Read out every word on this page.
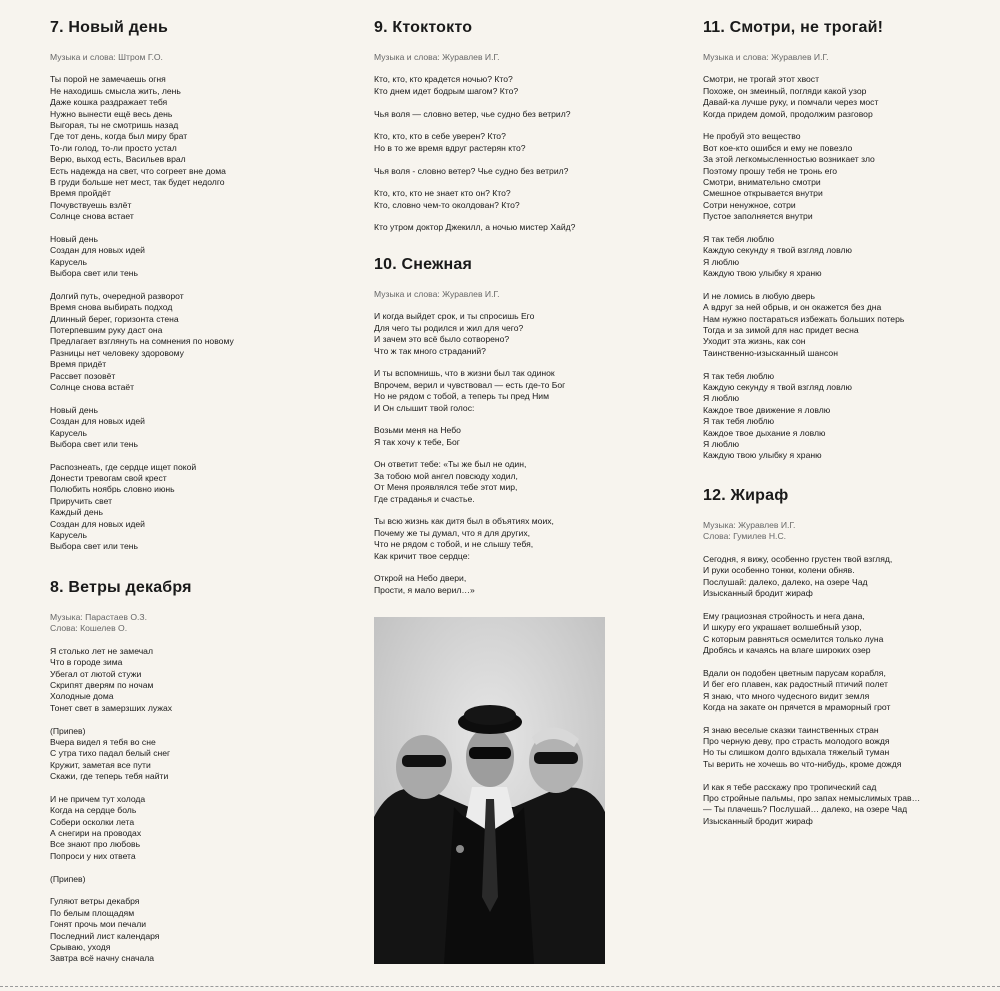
7. Новый день

Музыка и слова: Штром Г.О.

Ты порой не замечаешь огня
Не находишь смысла жить, лень
Даже кошка раздражает тебя
Нужно вынести ещё весь день
Выгорая, ты не смотришь назад
Где тот день, когда был миру брат
То-ли голод, то-ли просто устал
Верю, выход есть, Васильев врал
Есть надежда на свет, что согреет вне дома
В груди больше нет мест, так будет недолго
Время пройдёт
Почувствуешь взлёт
Солнце снова встает
Новый день
Создан для новых идей
Карусель
Выбора свет или тень
Долгий путь, очередной разворот
Время снова выбирать подход
Длинный берег, горизонта стена
Потерпевшим руку даст она
Предлагает взглянуть на сомнения по новому
Разницы нет человеку здоровому
Время придёт
Рассвет позовёт
Солнце снова встаёт
Новый день
Создан для новых идей
Карусель
Выбора свет или тень
Распознеать, где сердце ищет покой
Донести тревогам свой крест
Полюбить ноябрь словно июнь
Приручить свет
Каждый день
Создан для новых идей
Карусель
Выбора свет или тень
8. Ветры декабря

Музыка: Парастаев О.З.

Слова: Кошелев О.

Я столько лет не замечал
Что в городе зима
Убегал от лютой стужи
Скрипят дверям по ночам
Холодные дома
Тонет свет в замерзших лужах
(Припев)
Вчера видел я тебя во сне
С утра тихо падал белый снег
Кружит, заметая все пути
Скажи, где теперь тебя найти
И не причем тут холода
Когда на сердце боль
Собери осколки лета
А снегири на проводах
Все знают про любовь
Попроси у них ответа
(Припев)
Гуляют ветры декабря
По белым площадям
Гонят прочь мои печали
Последний лист календаря
Срываю, уходя
Завтра всё начну сначала
9. Ктоктокто

Музыка и слова: Журавлев И.Г.

Кто, кто, кто крадется ночью? Кто?
Кто днем идет бодрым шагом? Кто?
Чья воля — словно ветер, чье судно без ветрил?
Кто, кто, кто в себе уверен? Кто?
Но в то же время вдруг растерян кто?
Чья воля - словно ветер? Чье судно без ветрил?
Кто, кто, кто не знает кто он? Кто?
Кто, словно чем-то околдован? Кто?
Кто утром доктор Джекилл, а ночью мистер Хайд?
10. Снежная

Музыка и слова: Журавлев И.Г.

И когда выйдет срок, и ты спросишь Его
Для чего ты родился и жил для чего?
И зачем это всё было сотворено?
Что ж так много страданий?
И ты вспомнишь, что в жизни был так одинок
Впрочем, верил и чувствовал — есть где-то Бог
Но не рядом с тобой, а теперь ты пред Ним
И Он слышит твой голос:
Возьми меня на Небо
Я так хочу к тебе, Бог
Он ответит тебе: «Ты же был не один,
За тобою мой ангел повсюду ходил,
От Меня проявлялся тебе этот мир,
Где страданья и счастье.
Ты всю жизнь как дитя был в объятиях моих,
Почему же ты думал, что я для других,
Что не рядом с тобой, и не слышу тебя,
Как кричит твое сердце:
Открой на Небо двери,
Прости, я мало верил…»
11. Смотри, не трогай!

Музыка и слова: Журавлев И.Г.

Смотри, не трогай этот хвост
Похоже, он змеиный, погляди какой узор
Давай-ка лучше руку, и помчали через мост
Когда придем домой, продолжим разговор
Не пробуй это вещество
Вот кое-кто ошибся и ему не повезло
За этой легкомысленностью возникает зло
Поэтому прошу тебя не тронь его
Смотри, внимательно смотри
Смешное открывается внутри
Сотри ненужное, сотри
Пустое заполняется внутри
Я так тебя люблю
Каждую секунду я твой взгляд ловлю
Я люблю
Каждую твою улыбку я храню
И не ломись в любую дверь
А вдруг за ней обрыв, и он окажется без дна
Нам нужно постараться избежать больших потерь
Тогда и за зимой для нас придет весна
Уходит эта жизнь, как сон
Таинственно-изысканный шансон
Я так тебя люблю
Каждую секунду я твой взгляд ловлю
Я люблю
Каждое твое движение я ловлю
Я так тебя люблю
Каждое твое дыхание я ловлю
Я люблю
Каждую твою улыбку я храню
12. Жираф

Музыка: Журавлев И.Г.

Слова: Гумилев Н.С.

Сегодня, я вижу, особенно грустен твой взгляд,
И руки особенно тонки, колени обняв.
Послушай: далеко, далеко, на озере Чад
Изысканный бродит жираф
Ему грациозная стройность и нега дана,
И шкуру его украшает волшебный узор,
С которым равняться осмелится только луна
Дробясь и качаясь на влаге широких озер
Вдали он подобен цветным парусам корабля,
И бег его плавен, как радостный птичий полет
Я знаю, что много чудесного видит земля
Когда на закате он прячется в мраморный грот
Я знаю веселые сказки таинственных стран
Про черную деву, про страсть молодого вождя
Но ты слишком долго вдыхала тяжелый туман
Ты верить не хочешь во что-нибудь, кроме дождя
И как я тебе расскажу про тропический сад
Про стройные пальмы, про запах немыслимых трав…
— Ты плачешь? Послушай… далеко, на озере Чад
Изысканный бродит жираф
